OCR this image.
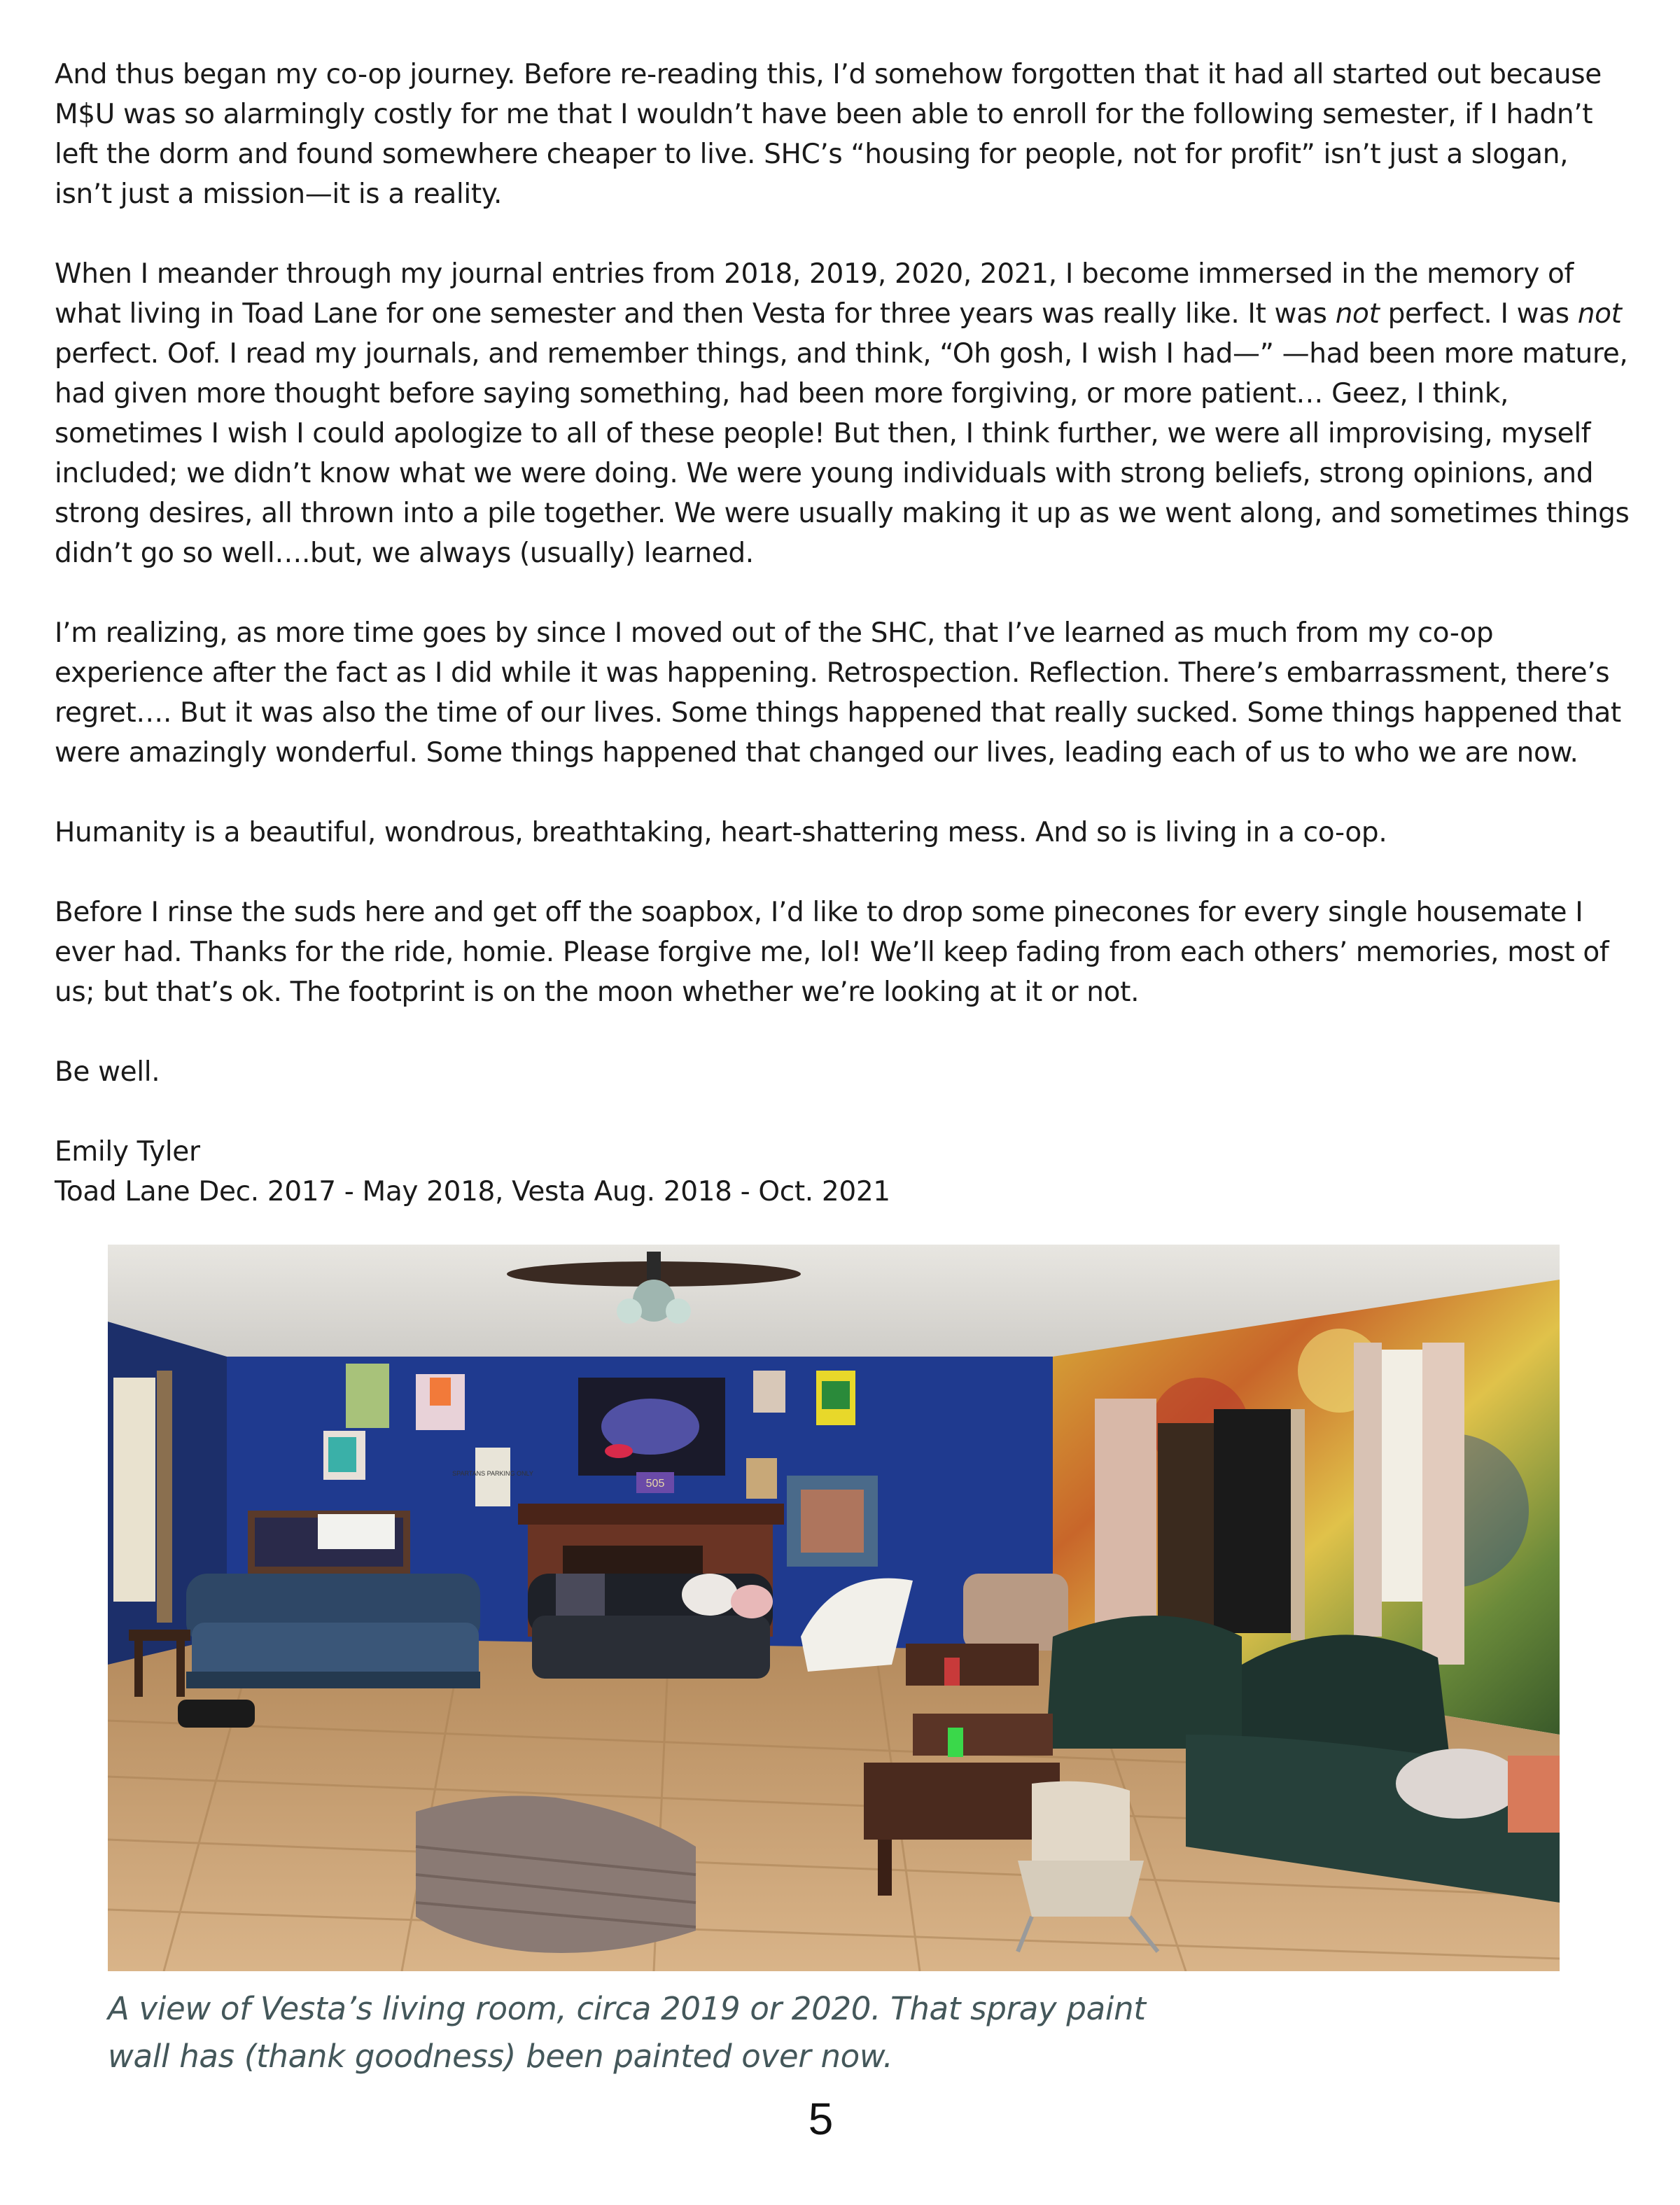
And thus began my co-op journey. Before re-reading this, I’d somehow forgotten that it had all started out because M$U was so alarmingly costly for me that I wouldn’t have been able to enroll for the following semester, if I hadn’t left the dorm and found somewhere cheaper to live. SHC’s “housing for people, not for profit” isn’t just a slogan, isn’t just a mission—it is a reality.

When I meander through my journal entries from 2018, 2019, 2020, 2021, I become immersed in the memory of what living in Toad Lane for one semester and then Vesta for three years was really like. It was not perfect. I was not perfect. Oof. I read my journals, and remember things, and think, “Oh gosh, I wish I had—” —had been more mature, had given more thought before saying something, had been more forgiving, or more patient… Geez, I think, sometimes I wish I could apologize to all of these people! But then, I think further, we were all improvising, myself included; we didn’t know what we were doing. We were young individuals with strong beliefs, strong opinions, and strong desires, all thrown into a pile together. We were usually making it up as we went along, and sometimes things didn’t go so well….but, we always (usually) learned.

I’m realizing, as more time goes by since I moved out of the SHC, that I’ve learned as much from my co-op experience after the fact as I did while it was happening. Retrospection. Reflection. There’s embarrassment, there’s regret…. But it was also the time of our lives. Some things happened that really sucked. Some things happened that were amazingly wonderful. Some things happened that changed our lives, leading each of us to who we are now.

Humanity is a beautiful, wondrous, breathtaking, heart-shattering mess. And so is living in a co-op.

Before I rinse the suds here and get off the soapbox, I’d like to drop some pinecones for every single housemate I ever had. Thanks for the ride, homie. Please forgive me, lol! We’ll keep fading from each others’ memories, most of us; but that’s ok. The footprint is on the moon whether we’re looking at it or not.

Be well.

Emily Tyler

Toad Lane Dec. 2017 - May 2018, Vesta Aug. 2018 - Oct. 2021

SPARTANS PARKING ONLY
505
A view of Vesta’s living room, circa 2019 or 2020. That spray paint
wall has (thank goodness) been painted over now.
5
